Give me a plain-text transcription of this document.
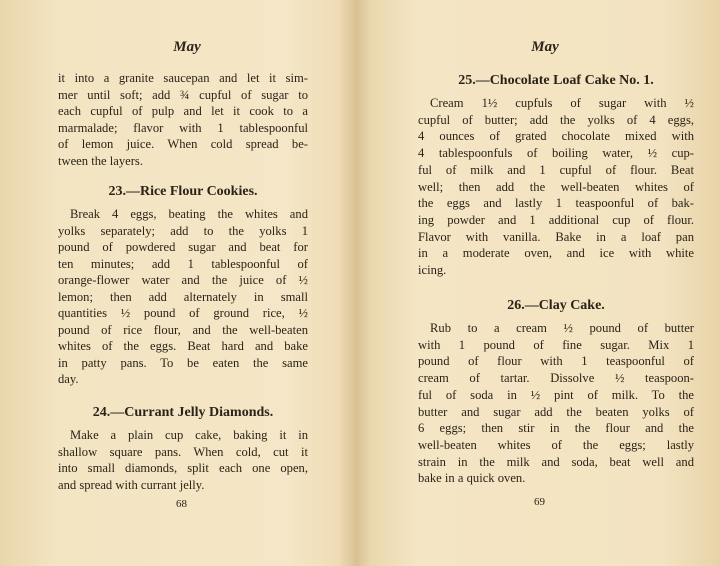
May
68
it into a granite saucepan and let it sim-
mer until soft; add ¾ cupful of sugar to
each cupful of pulp and let it cook to a
marmalade; flavor with 1 tablespoonful
of lemon juice. When cold spread be-
tween the layers.
23.—Rice Flour Cookies.
Break 4 eggs, beating the whites and
yolks separately; add to the yolks 1
pound of powdered sugar and beat for
ten minutes; add 1 tablespoonful of
orange-flower water and the juice of ½
lemon; then add alternately in small
quantities ½ pound of ground rice, ½
pound of rice flour, and the well-beaten
whites of the eggs. Beat hard and bake
in patty pans. To be eaten the same
day.
24.—Currant Jelly Diamonds.
Make a plain cup cake, baking it in
shallow square pans. When cold, cut it
into small diamonds, split each one open,
and spread with currant jelly.
May
69
25.—Chocolate Loaf Cake No. 1.
Cream 1½ cupfuls of sugar with ½
cupful of butter; add the yolks of 4 eggs,
4 ounces of grated chocolate mixed with
4 tablespoonfuls of boiling water, ½ cup-
ful of milk and 1 cupful of flour. Beat
well; then add the well-beaten whites of
the eggs and lastly 1 teaspoonful of bak-
ing powder and 1 additional cup of flour.
Flavor with vanilla. Bake in a loaf pan
in a moderate oven, and ice with white
icing.
26.—Clay Cake.
Rub to a cream ½ pound of butter
with 1 pound of fine sugar. Mix 1
pound of flour with 1 teaspoonful of
cream of tartar. Dissolve ½ teaspoon-
ful of soda in ½ pint of milk. To the
butter and sugar add the beaten yolks of
6 eggs; then stir in the flour and the
well-beaten whites of the eggs; lastly
strain in the milk and soda, beat well and
bake in a quick oven.
